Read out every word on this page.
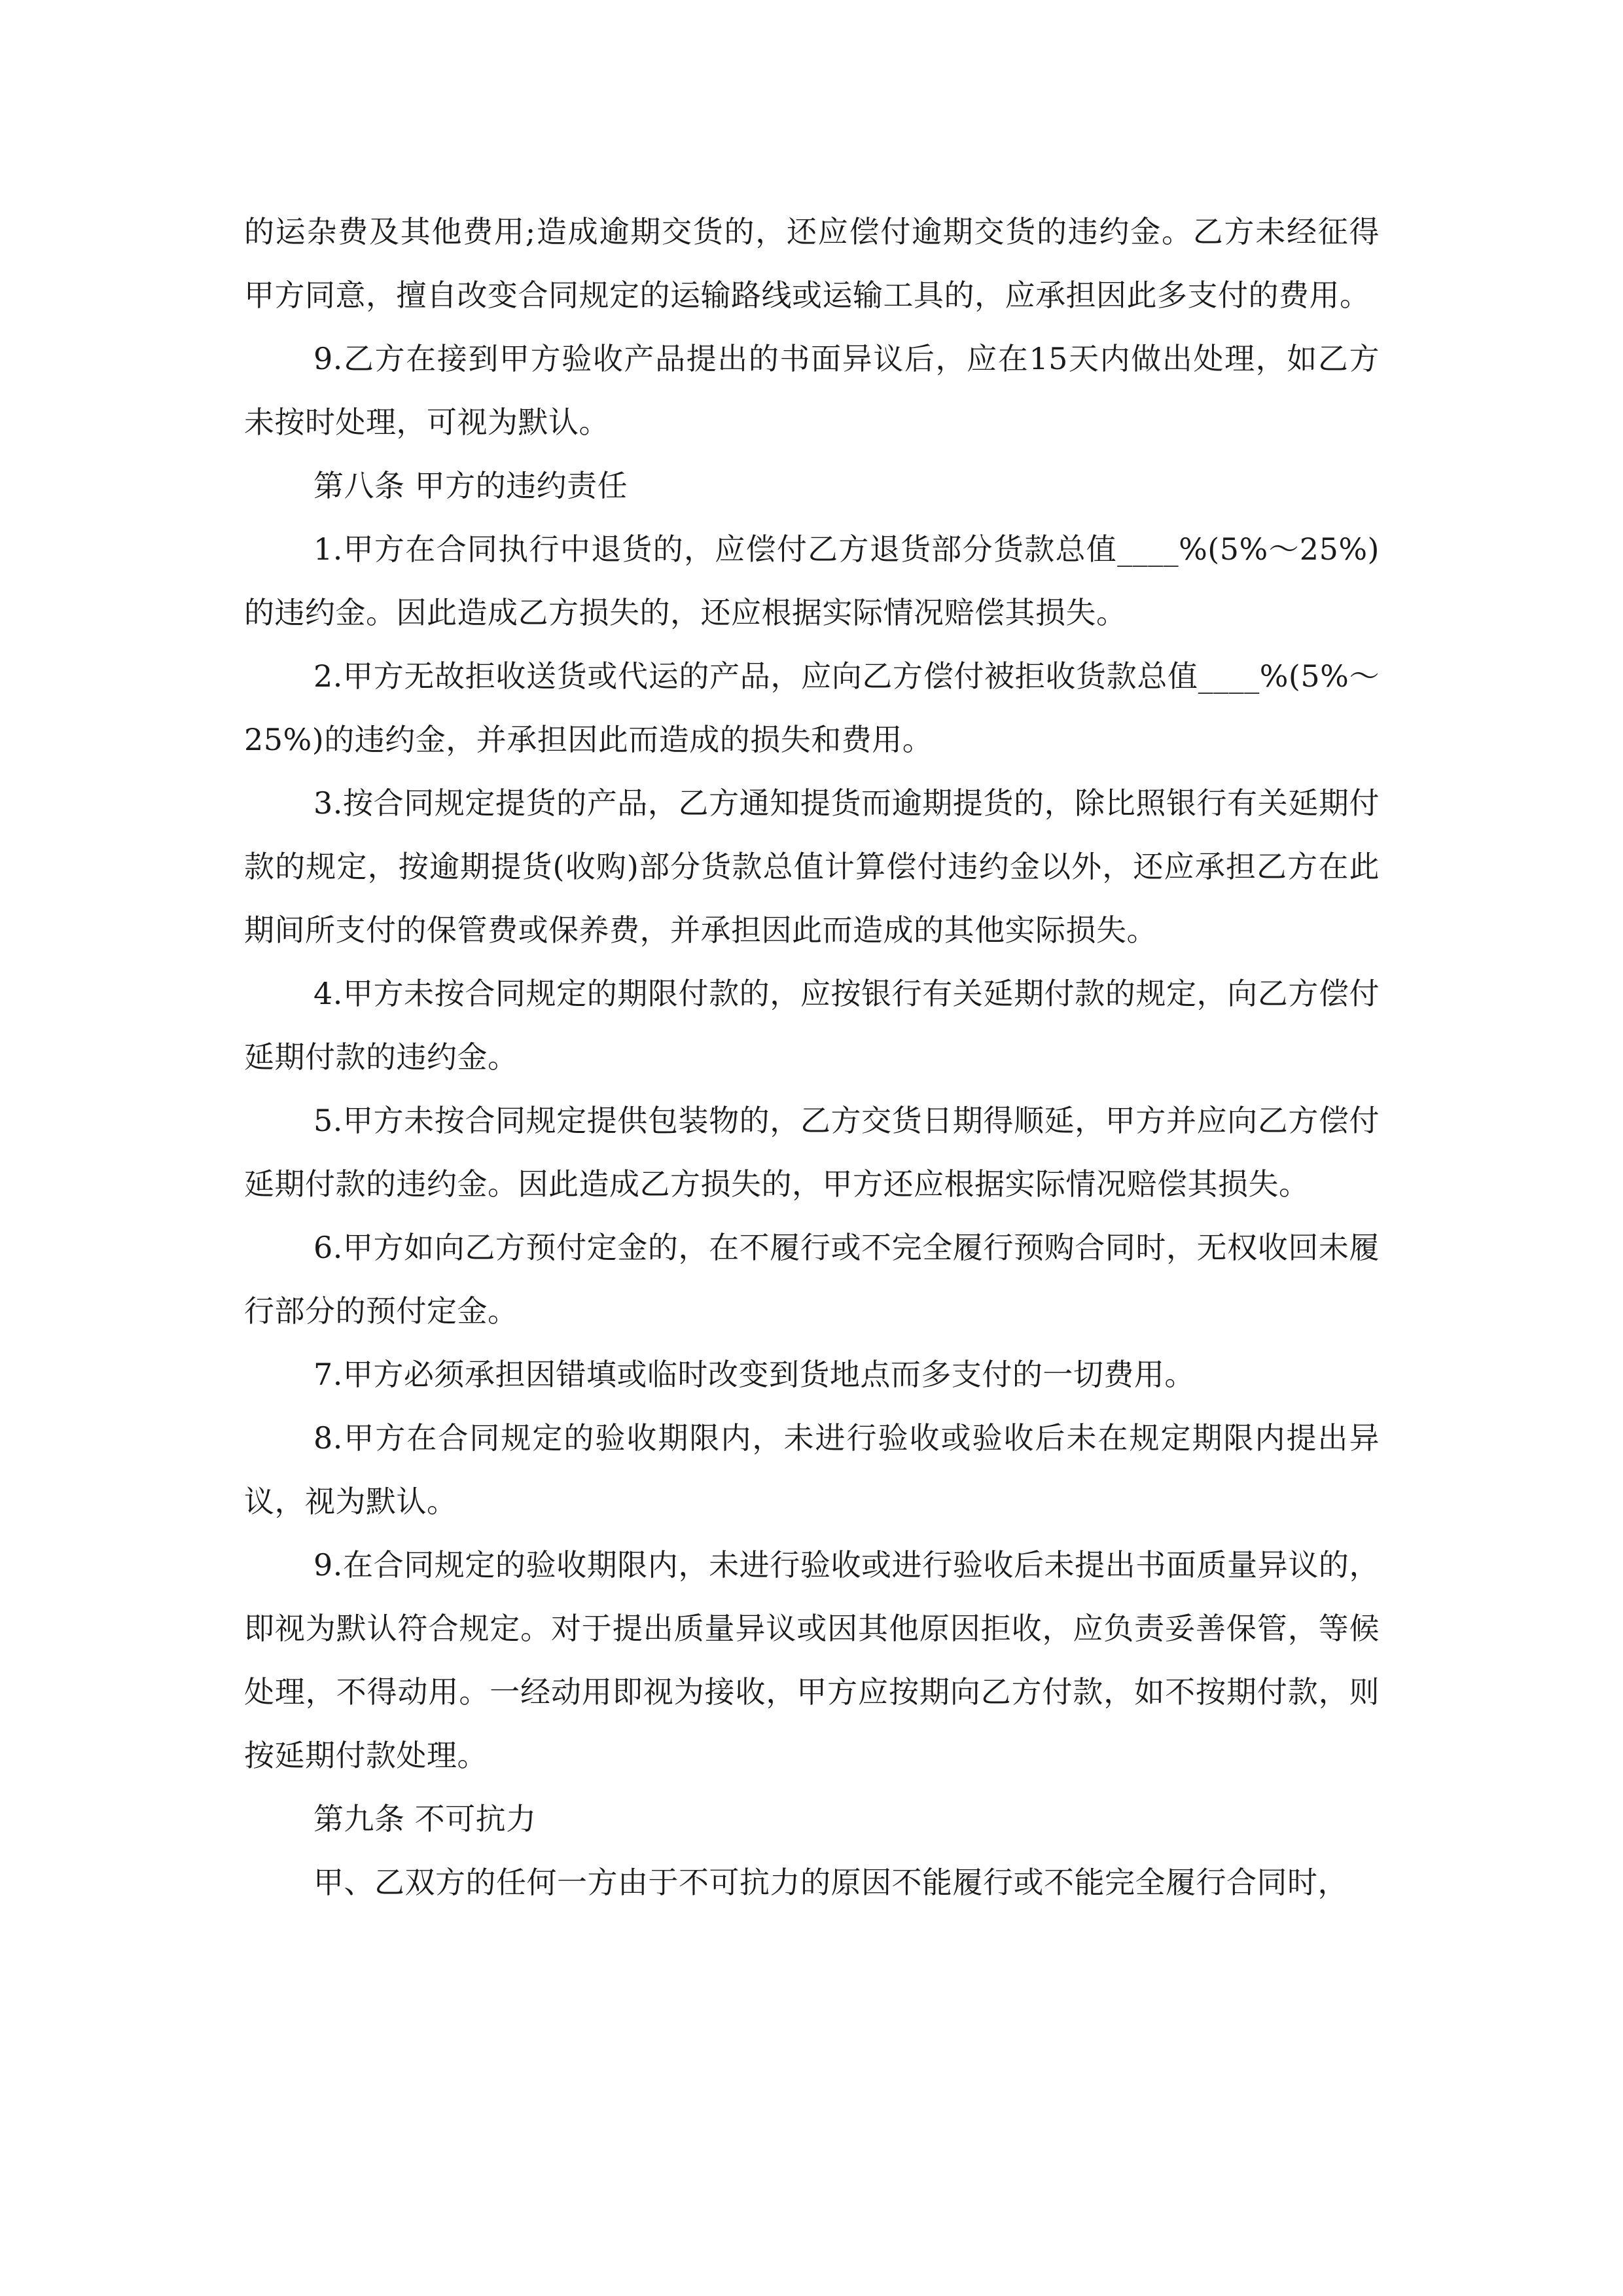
的运杂费及其他费用;造成逾期交货的，还应偿付逾期交货的违约金。乙方未经征得甲方同意，擅自改变合同规定的运输路线或运输工具的，应承担因此多支付的费用。

9.乙方在接到甲方验收产品提出的书面异议后，应在15天内做出处理，如乙方未按时处理，可视为默认。

第八条 甲方的违约责任

1.甲方在合同执行中退货的，应偿付乙方退货部分货款总值____%(5%～25%)的违约金。因此造成乙方损失的，还应根据实际情况赔偿其损失。

2.甲方无故拒收送货或代运的产品，应向乙方偿付被拒收货款总值____%(5%～25%)的违约金，并承担因此而造成的损失和费用。

3.按合同规定提货的产品，乙方通知提货而逾期提货的，除比照银行有关延期付款的规定，按逾期提货(收购)部分货款总值计算偿付违约金以外，还应承担乙方在此期间所支付的保管费或保养费，并承担因此而造成的其他实际损失。

4.甲方未按合同规定的期限付款的，应按银行有关延期付款的规定，向乙方偿付延期付款的违约金。

5.甲方未按合同规定提供包装物的，乙方交货日期得顺延，甲方并应向乙方偿付延期付款的违约金。因此造成乙方损失的，甲方还应根据实际情况赔偿其损失。

6.甲方如向乙方预付定金的，在不履行或不完全履行预购合同时，无权收回未履行部分的预付定金。

7.甲方必须承担因错填或临时改变到货地点而多支付的一切费用。

8.甲方在合同规定的验收期限内，未进行验收或验收后未在规定期限内提出异议，视为默认。

9.在合同规定的验收期限内，未进行验收或进行验收后未提出书面质量异议的，即视为默认符合规定。对于提出质量异议或因其他原因拒收，应负责妥善保管，等候处理，不得动用。一经动用即视为接收，甲方应按期向乙方付款，如不按期付款，则按延期付款处理。

第九条 不可抗力

甲、乙双方的任何一方由于不可抗力的原因不能履行或不能完全履行合同时，
